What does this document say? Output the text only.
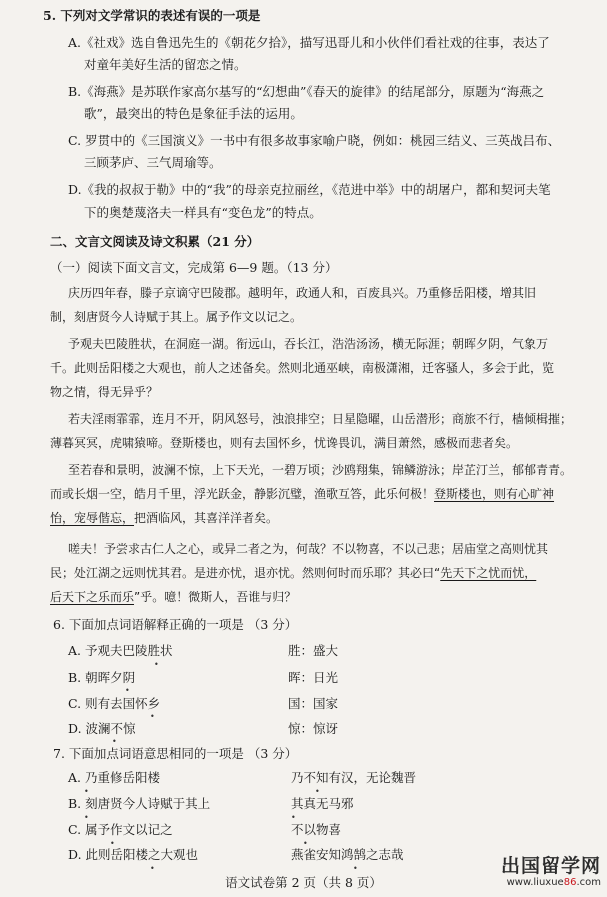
5. 下列对文学常识的表述有误的一项是
A.《社戏》选自鲁迅先生的《朝花夕拾》，描写迅哥儿和小伙伴们看社戏的往事，表达了
对童年美好生活的留恋之情。
B.《海燕》是苏联作家高尔基写的“幻想曲”《春天的旋律》的结尾部分，原题为“海燕之
歌”，最突出的特色是象征手法的运用。
C. 罗贯中的《三国演义》一书中有很多故事家喻户晓，例如：桃园三结义、三英战吕布、
三顾茅庐、三气周瑜等。
D.《我的叔叔于勒》中的“我”的母亲克拉丽丝，《范进中举》中的胡屠户，都和契诃夫笔
下的奥楚蔑洛夫一样具有“变色龙”的特点。
二、文言文阅读及诗文积累（21 分）
（一）阅读下面文言文，完成第 6—9 题。（13 分）
庆历四年春，滕子京谪守巴陵郡。越明年，政通人和，百废具兴。乃重修岳阳楼，增其旧
制，刻唐贤今人诗赋于其上。属予作文以记之。
予观夫巴陵胜状，在洞庭一湖。衔远山，吞长江，浩浩汤汤，横无际涯；朝晖夕阴，气象万
千。此则岳阳楼之大观也，前人之述备矣。然则北通巫峡，南极潇湘，迁客骚人，多会于此，览
物之情，得无异乎？
若夫淫雨霏霏，连月不开，阴风怒号，浊浪排空；日星隐曜，山岳潜形；商旅不行，樯倾楫摧；
薄暮冥冥，虎啸猿啼。登斯楼也，则有去国怀乡，忧谗畏讥，满目萧然，感极而悲者矣。
至若春和景明，波澜不惊，上下天光，一碧万顷；沙鸥翔集，锦鳞游泳；岸芷汀兰，郁郁青青。
而或长烟一空，皓月千里，浮光跃金，静影沉璧，渔歌互答，此乐何极！登斯楼也，则有心旷神
怡，宠辱偕忘，把酒临风，其喜洋洋者矣。
嗟夫！予尝求古仁人之心，或异二者之为，何哉？不以物喜，不以己悲；居庙堂之高则忧其
民；处江湖之远则忧其君。是进亦忧，退亦忧。然则何时而乐耶？其必曰“先天下之忧而忧，
后天下之乐而乐”乎。噫！微斯人，吾谁与归？
6. 下面加点词语解释正确的一项是 （3 分）
A. 予观夫巴陵胜状	胜：盛大
B. 朝晖夕阴	晖：日光
C. 则有去国怀乡	国：国家
D. 波澜不惊	惊：惊讶
7. 下面加点词语意思相同的一项是 （3 分）
A. 乃重修岳阳楼	乃不知有汉，无论魏晋
B. 刻唐贤今人诗赋于其上	其真无马邪
C. 属予作文以记之	不以物喜
D. 此则岳阳楼之大观也	燕雀安知鸿鹄之志哉
•
•
•
•
•	•
•	•
•	•
•	•
语文试卷第 2 页（共 8 页）
出国留学网
www.liuxue86.com
